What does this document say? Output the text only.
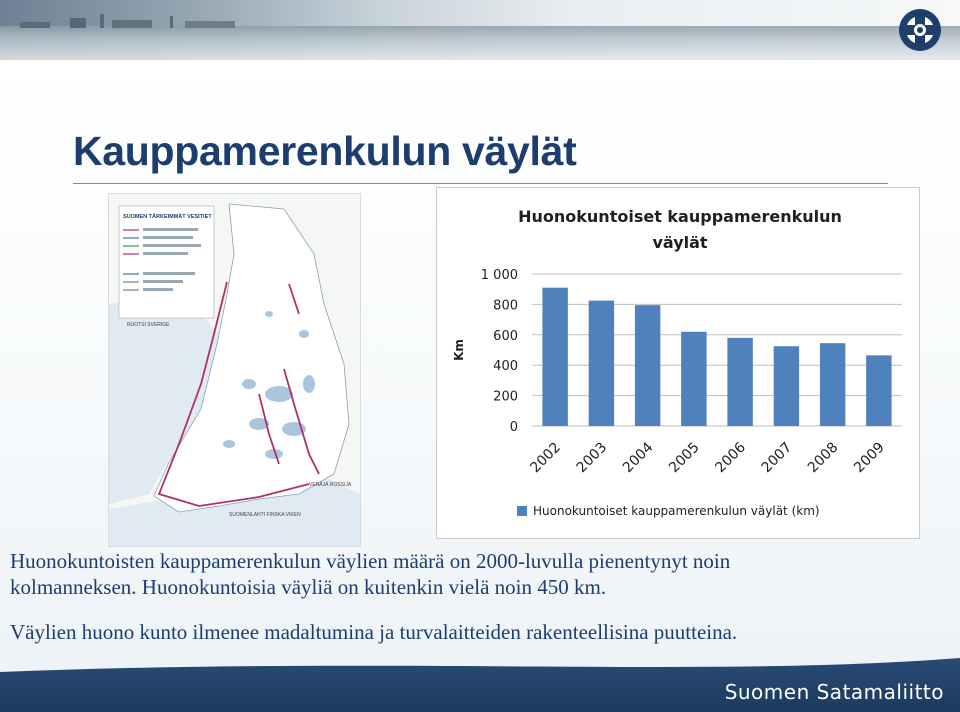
Kauppamerenkulun väylät
SUOMEN TÄRKEIMMÄT VESITIET
RUOTSI SVERIGE
VENÄJÄ ROSSIJA
SUOMENLAHTI FINSKA VIKEN
Huonokuntoiset kauppamerenkulun
väylät
Km
0
200
400
600
800
1 000
2002 2003 2004 2005 2006 2007 2008 2009
Huonokuntoiset kauppamerenkulun väylät (km)

Huonokuntoisten kauppamerenkulun väylien määrä on 2000-luvulla pienentynyt noin
kolmanneksen. Huonokuntoisia väyliä on kuitenkin vielä noin 450 km.

Väylien huono kunto ilmenee madaltumina ja turvalaitteiden rakenteellisina puutteina.

Suomen Satamaliitto
